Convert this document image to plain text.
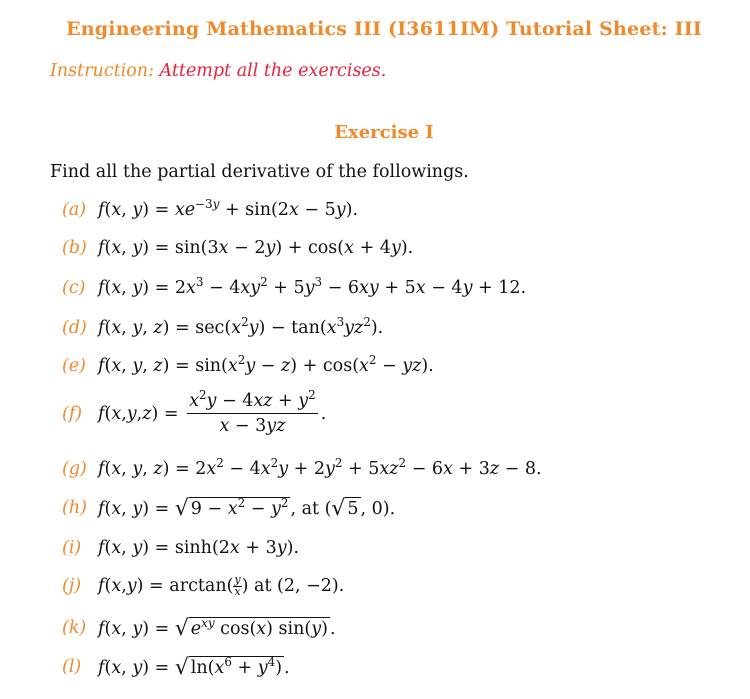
Engineering Mathematics III (I3611IM) Tutorial Sheet: III
Instruction: Attempt all the exercises.
Exercise I
Find all the partial derivative of the followings.
(a) f(x, $y) = xe^{-3y} + \sin(2x - 5y)$.
(b) f(x, y) = sin(3x − 2y) + cos(x + 4y).
(c) f(x, $y) = 2x^3 - 4xy^2 + 5y^3 - 6xy + 5x - 4y + 12$.
(d) f(x, y, $z) = \sec(x^2y) - \tan(x^3yz^2)$.
(e) f(x, y, $z) = \sin(x^2y - z) + \cos(x^2 - yz)$.
(f) f ( x , y , z ) = $\frac{x^2y - 4xz + y^2}{x - 3yz}$ .
(g) f(x, y, $z) = 2x^2 - 4x^2y + 2y^2 + 5xz^2 - 6x + 3z - 8$.
(h) f(x, y) = √ $9 - x^2 - y^2$ , at ( √ 5 , 0).
(i) f(x, y) = sinh(2x + 3y).
(j) f ( x , y ) = $\arctan( \frac{y}{x}$ ) at (2, −2).
(k) f(x, y) = √ $e^{xy}$ cos(x) sin(y) .
(l) f(x, y) = √ $\ln(x^6 + y^4)$ .
